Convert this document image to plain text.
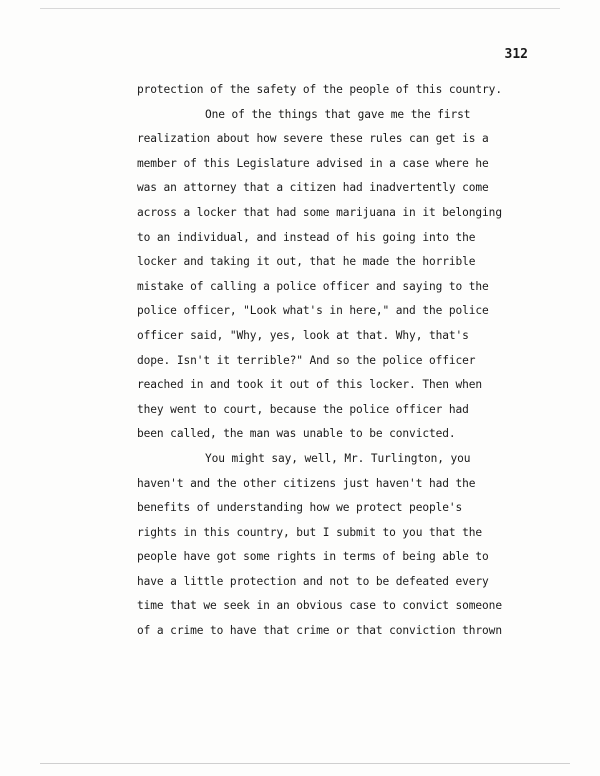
312
protection of the safety of the people of this country.
One of the things that gave me the first
realization about how severe these rules can get is a
member of this Legislature advised in a case where he
was an attorney that a citizen had inadvertently come
across a locker that had some marijuana in it belonging
to an individual, and instead of his going into the
locker and taking it out, that he made the horrible
mistake of calling a police officer and saying to the
police officer, "Look what's in here," and the police
officer said, "Why, yes, look at that. Why, that's
dope. Isn't it terrible?" And so the police officer
reached in and took it out of this locker. Then when
they went to court, because the police officer had
been called, the man was unable to be convicted.
You might say, well, Mr. Turlington, you
haven't and the other citizens just haven't had the
benefits of understanding how we protect people's
rights in this country, but I submit to you that the
people have got some rights in terms of being able to
have a little protection and not to be defeated every
time that we seek in an obvious case to convict someone
of a crime to have that crime or that conviction thrown
